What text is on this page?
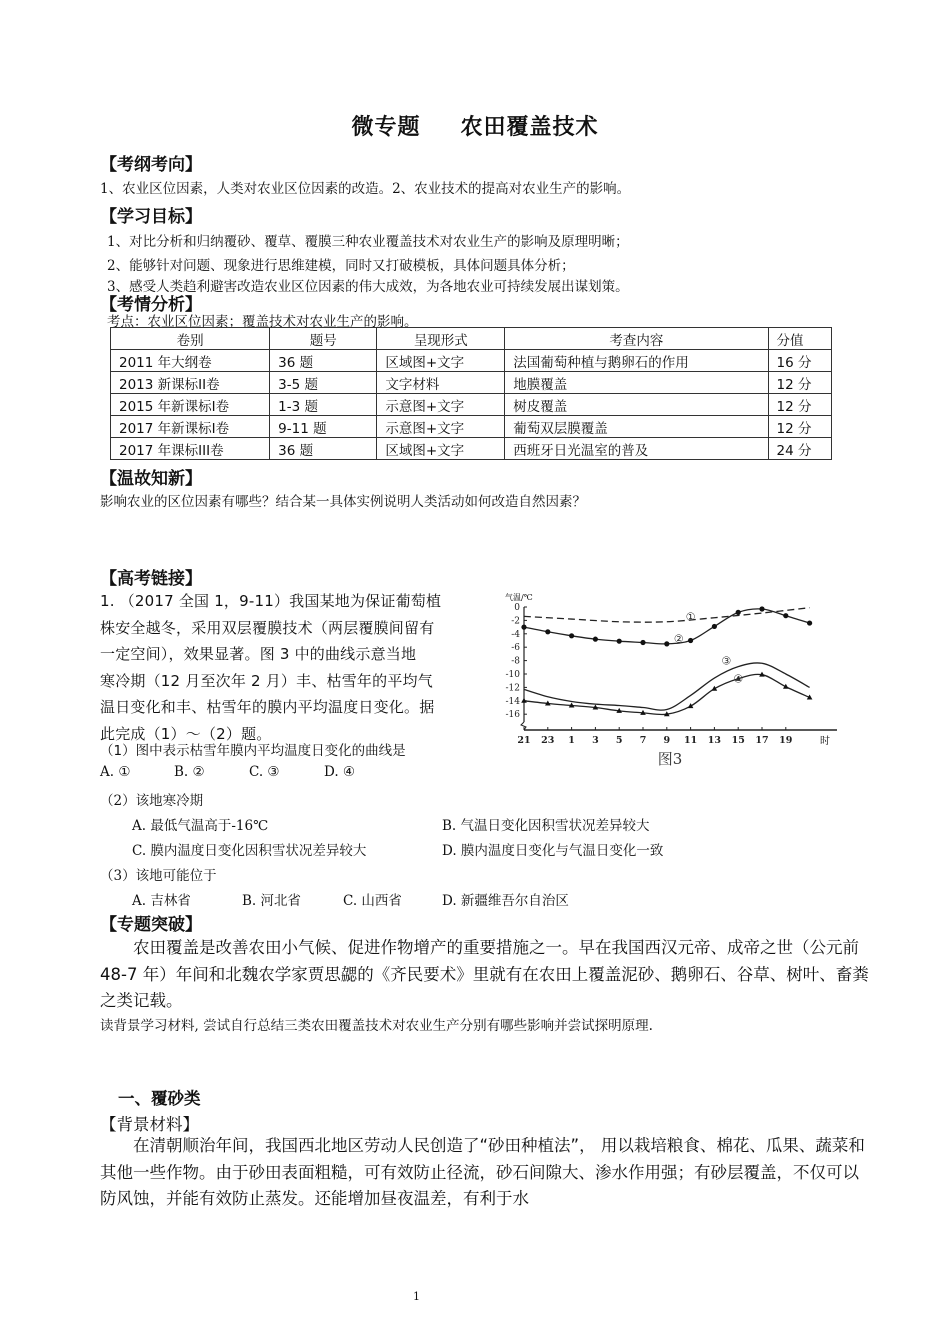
微专题 农田覆盖技术
【考纲考向】
1、农业区位因素，人类对农业区位因素的改造。2、农业技术的提高对农业生产的影响。
【学习目标】
1、对比分析和归纳覆砂、覆草、覆膜三种农业覆盖技术对农业生产的影响及原理明晰；
2、能够针对问题、现象进行思维建模，同时又打破模板，具体问题具体分析；
3、感受人类趋利避害改造农业区位因素的伟大成效，为各地农业可持续发展出谋划策。
【考情分析】
考点：农业区位因素；覆盖技术对农业生产的影响。
卷别	题号	呈现形式	考查内容	分值
2011 年大纲卷	36 题	区域图+文字	法国葡萄种植与鹅卵石的作用	16 分
2013 新课标II卷	3-5 题	文字材料	地膜覆盖	12 分
2015 年新课标I卷	1-3 题	示意图+文字	树皮覆盖	12 分
2017 年新课标I卷	9-11 题	示意图+文字	葡萄双层膜覆盖	12 分
2017 年课标III卷	36 题	区域图+文字	西班牙日光温室的普及	24 分
【温故知新】
影响农业的区位因素有哪些？结合某一具体实例说明人类活动如何改造自然因素？
【高考链接】

1. （2017 全国 1，9-11）我国某地为保证葡萄植

株安全越冬，采用双层覆膜技术（两层覆膜间留有

一定空间），效果显著。图 3 中的曲线示意当地

寒冷期（12 月至次年 2 月）丰、枯雪年的平均气

温日变化和丰、枯雪年的膜内平均温度日变化。据

此完成（1）～（2）题。

（1）图中表示枯雪年膜内平均温度日变化的曲线是
A. ①	B. ②	C. ③	D. ④
（2）该地寒冷期
A. 最低气温高于-16℃	B. 气温日变化因积雪状况差异较大
C. 膜内温度日变化因积雪状况差异较大	D. 膜内温度日变化与气温日变化一致
（3）该地可能位于
A. 吉林省	B. 河北省	C. 山西省	D. 新疆维吾尔自治区
0
-2
-4
-6
-8
-10
-12
-14
-16
21 23 1 3 5 7 9 11 13 15 17 19
①
②
③
④
气温/℃
时
图3
【专题突破】

农田覆盖是改善农田小气候、促进作物增产的重要措施之一。早在我国西汉元帝、成帝之世（公元前 48-7 年）年间和北魏农学家贾思勰的《齐民要术》里就有在农田上覆盖泥砂、鹅卵石、谷草、树叶、畜粪之类记载。

读背景学习材料, 尝试自行总结三类农田覆盖技术对农业生产分别有哪些影响并尝试探明原理.
一、覆砂类
【背景材料】

在清朝顺治年间，我国西北地区劳动人民创造了“砂田种植法”， 用以栽培粮食、棉花、瓜果、蔬菜和其他一些作物。由于砂田表面粗糙，可有效防止径流，砂石间隙大、渗水作用强；有砂层覆盖，不仅可以防风蚀，并能有效防止蒸发。还能增加昼夜温差，有利于水

1
